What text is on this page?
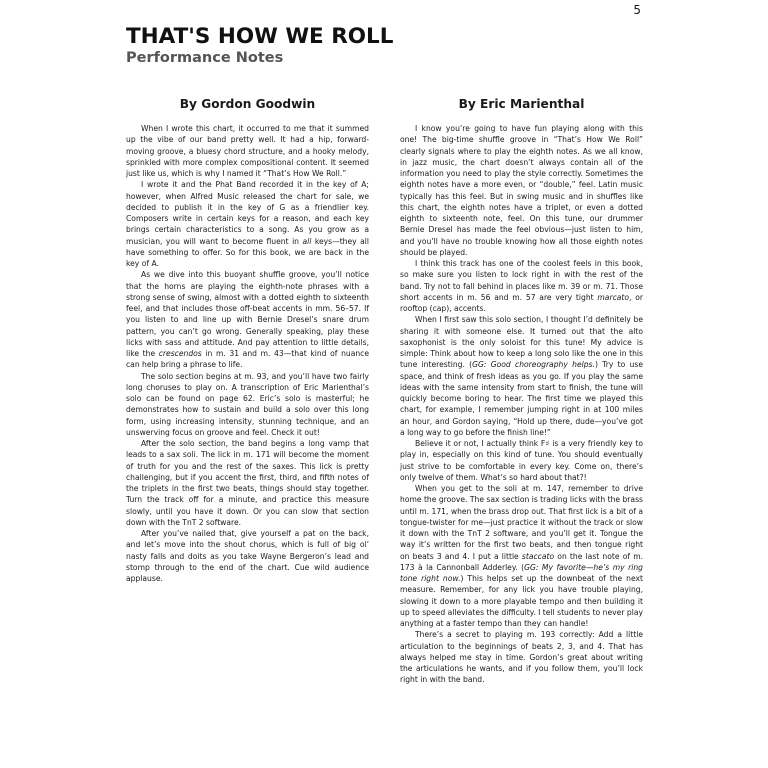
5
THAT'S HOW WE ROLL
Performance Notes
By Gordon Goodwin

When I wrote this chart, it occurred to me that it summed up the vibe of our band pretty well. It had a hip, forward-moving groove, a bluesy chord structure, and a hooky melody, sprinkled with more complex compositional content. It seemed just like us, which is why I named it “That’s How We Roll.”

I wrote it and the Phat Band recorded it in the key of A; however, when Alfred Music released the chart for sale, we decided to publish it in the key of G as a friendlier key. Composers write in certain keys for a reason, and each key brings certain characteristics to a song. As you grow as a musician, you will want to become fluent in all keys—they all have something to offer. So for this book, we are back in the key of A.

As we dive into this buoyant shuffle groove, you’ll notice that the horns are playing the eighth-note phrases with a strong sense of swing, almost with a dotted eighth to sixteenth feel, and that includes those off-beat accents in mm. 56–57. If you listen to and line up with Bernie Dresel’s snare drum pattern, you can’t go wrong. Generally speaking, play these licks with sass and attitude. And pay attention to little details, like the crescendos in m. 31 and m. 43—that kind of nuance can help bring a phrase to life.

The solo section begins at m. 93, and you’ll have two fairly long choruses to play on. A transcription of Eric Marienthal’s solo can be found on page 62. Eric’s solo is masterful; he demonstrates how to sustain and build a solo over this long form, using increasing intensity, stunning technique, and an unswerving focus on groove and feel. Check it out!

After the solo section, the band begins a long vamp that leads to a sax soli. The lick in m. 171 will become the moment of truth for you and the rest of the saxes. This lick is pretty challenging, but if you accent the first, third, and fifth notes of the triplets in the first two beats, things should stay together. Turn the track off for a minute, and practice this measure slowly, until you have it down. Or you can slow that section down with the TnT 2 software.

After you’ve nailed that, give yourself a pat on the back, and let’s move into the shout chorus, which is full of big ol’ nasty falls and doits as you take Wayne Bergeron’s lead and stomp through to the end of the chart. Cue wild audience applause.

By Eric Marienthal

I know you’re going to have fun playing along with this one! The big-time shuffle groove in “That’s How We Roll” clearly signals where to play the eighth notes. As we all know, in jazz music, the chart doesn’t always contain all of the information you need to play the style correctly. Sometimes the eighth notes have a more even, or “double,” feel. Latin music typically has this feel. But in swing music and in shuffles like this chart, the eighth notes have a triplet, or even a dotted eighth to sixteenth note, feel. On this tune, our drummer Bernie Dresel has made the feel obvious—just listen to him, and you’ll have no trouble knowing how all those eighth notes should be played.

I think this track has one of the coolest feels in this book, so make sure you listen to lock right in with the rest of the band. Try not to fall behind in places like m. 39 or m. 71. Those short accents in m. 56 and m. 57 are very tight marcato, or rooftop (cap), accents.

When I first saw this solo section, I thought I’d definitely be sharing it with someone else. It turned out that the alto saxophonist is the only soloist for this tune! My advice is simple: Think about how to keep a long solo like the one in this tune interesting. (GG: Good choreography helps.) Try to use space, and think of fresh ideas as you go. If you play the same ideas with the same intensity from start to finish, the tune will quickly become boring to hear. The first time we played this chart, for example, I remember jumping right in at 100 miles an hour, and Gordon saying, “Hold up there, dude—you’ve got a long way to go before the finish line!”

Believe it or not, I actually think F♯ is a very friendly key to play in, especially on this kind of tune. You should eventually just strive to be comfortable in every key. Come on, there’s only twelve of them. What’s so hard about that?!

When you get to the soli at m. 147, remember to drive home the groove. The sax section is trading licks with the brass until m. 171, when the brass drop out. That first lick is a bit of a tongue-twister for me—just practice it without the track or slow it down with the TnT 2 software, and you’ll get it. Tongue the way it’s written for the first two beats, and then tongue right on beats 3 and 4. I put a little staccato on the last note of m. 173 à la Cannonball Adderley. (GG: My favorite—he’s my ring tone right now.) This helps set up the downbeat of the next measure. Remember, for any lick you have trouble playing, slowing it down to a more playable tempo and then building it up to speed alleviates the difficulty. I tell students to never play anything at a faster tempo than they can handle!

There’s a secret to playing m. 193 correctly: Add a little articulation to the beginnings of beats 2, 3, and 4. That has always helped me stay in time. Gordon’s great about writing the articulations he wants, and if you follow them, you’ll lock right in with the band.
